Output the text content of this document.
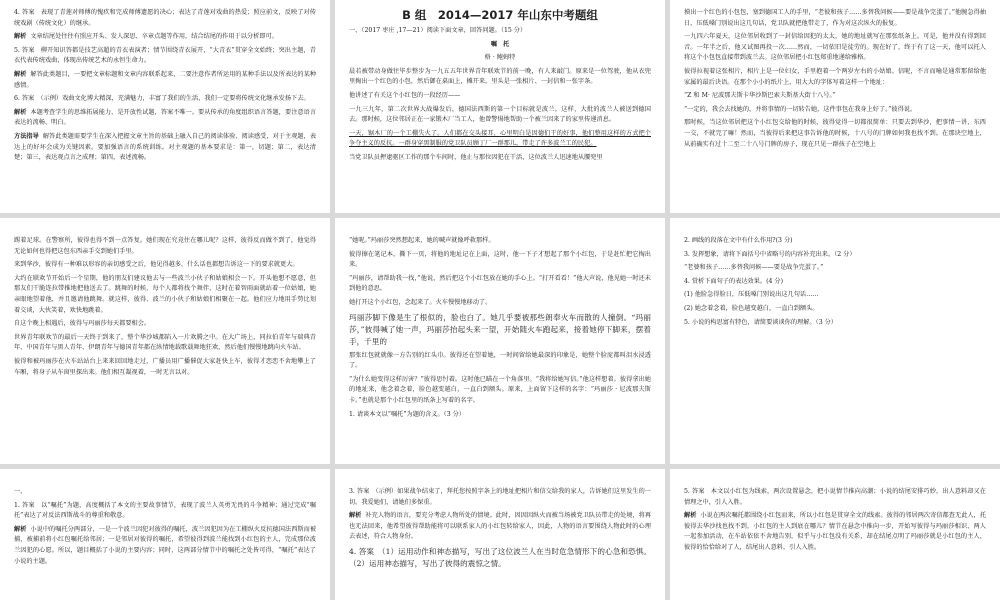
4. 答案　表现了青莲对师傅的愧疚和完成师傅遗愿的决心；表达了青莲对戏曲的热爱；照应前文，反映了对传统戏剧（传统文化）的继承。

解析 文章结尾处往往有照应开头、发人深思、卒章点题等作用，结合结尾的作用于以分析即可。

5. 答案　柳开知识答都是技艺高超的青衣表演者；情节围绕青衣展开，“大青衣”贯穿全文始终；突出主题，青衣代表传统戏曲，体现出传统艺术的永恒生命力。

解析 解答此类题目，一要把文章标题和文章内容联系起来，二要注意作者所运用的某种手法以及所表达的某种感情。

6. 答案　（示例）戏曲文化博大精深，充满魅力，丰富了我们的生活，我们一定要将传统文化继承发扬下去。

解析 本题考查学生的思维拓展能力，是开放性试题，答案不唯一。要从传承的角度组织语言答题，要注意语言表达的流畅、明白。

方法指导 解答此类题需要学生在深入把握文章主旨的基础上融入自己的阅读体验、阅读感受，对于主观题，表达上的好坏会成为关键因素。要加强语言的系统训练。对主观题的基本要求是：第一，切题；第二，表达清楚；第三，表达观点言之成理；第四，表述流畅。

B 组　2014—2017 年山东中考题组

一、（2017 枣庄 ,17—21）阅读下面文章，回答问题。（15 分）

嘱　托

格 · 鲍姆特

晨若被带动身做往毕步整步为一九五五年世界青年联欢节的前一晚，有人来敲门。原来是一位驾驶，他从衣兜里掏出一个红色的小包，然后御在桌面上，摊开来。里头是一张相片、一封信和一张字条。

他讲述了有关这个小红包的一段经历——

一九三九年，第二次世界大战爆发后，德国法西斯的第一个目标就是波兰。这样，大批的波兰人被送到德国去。那时候，这位邻居正在一家锻木厂当工人，他曾警惕地帮助一个被兰因来了的家里传递消息。

一天，锯木厂的一个工棚失火了。人们都在交头接耳，心里明白是因德们干的好事，他们整用这样的方式把个争夺主义的反抗。一群身穿黑制服的党卫队员顾丁厂一群那儿，带走了许多波兰工的民犯。

当党卫队员押逮驱区工作的那个车间时，他止与那位因犯在干活，这位波兰人迅速地从腰兜里

摸出一个红色的小包包，塞到德国工人的手里，“老彼和孩子……多替我问候——要是战争完蛋了。”他腕急得抽日，压低嗓门别说出这几句话，党卫队就把他带走了，作为对这次纵火的报复。

一九四六年夏天，这位邻居收到了一封信给因犯的太太，她的地址就写在那张纸条上。可是，他并没有得到回音。一年半之后，他又试图再投一次……然而，一切依旧是徒劳的。现在好了，终于有了这一天，他可以托人将这个小包包直接带到波兰去。这位邻居把小红包郑重地递给雅格。

彼得拉视着这张相片，相片上是一位妇女，手里抱着一个两岁左右的小姑娘。信呢，不言而喻是通常那留给他家属的最后诀语。在那个小小的纸片上，用大大的字体写着这样一个地址：

“Z 和 M· 尼波那夫斯卡华沙斯巴索夫斯基大街十八号。”

“一定的，我会去找她的，并将事情的一切转告她，这件事包在我身上好了。”彼得说。

那时候，当这位邻居把这个小红包交给他的时候，彼得觉得一切都很简单：只要去到华沙，把事情一讲，东西一交，不就完了嘛！然而，当彼得后来把这事告诉他的时候，十八号的门牌如何我也找不到。在那块空地上，从前确实有过十二至二十八号门牌的房子，现在只见一群孩子在空地上

踢着足球。在警察所，彼得也得不到一点答复。她们现在究竟住在哪儿呢？这样，彼得反而做不到了，他觉得无论如何也得把这包东西亲手交到她们手里。

来到华沙，彼得有一种难以形容的亲切感受之后，他见得越多，什么话也都想告诉这一下的要求就更大。

大约在联欢节开始后一个星期，他的朋友们建议他去与一些波兰小伙子和姑娘相会一下。开头他想不愿意，但那友们干脆连拉带推地把他送去了。跳舞的时候，每个人都将找个舞伴，这时在着智雨面就站着一位姑娘，她亲眼地望着他，并且邀请他跳舞。就这样，彼得、波兰的小伙子和姑娘们相聚在一起。他们应力地用手势比划着交谈，大伙笑着，欢快地跳着。

自这个晚上相遇后，彼得与玛丽莎每天都要相会。

世界青年联欢节的最后一天终于到来了，整个华沙城都陷入一片欢腾之中。在大广场上，同拉伯青年与瑞典青年、中国青年与黑人青年、伊朗青年与德国青年都在纵情地载歌载舞地狂欢，然后他们慢慢地跳向火车站。

彼得和被玛丽莎在火车站站台上来来回回地走过，广播员用广播催促大家赶快上车，彼得才恋恋不舍地攀上了车厢，将身子从车窗里探出来。他们相互凝视着，一时无言以对。

“她呢。”玛丽莎突然想起来，她的喊声就像呼救那样。

彼得擦在笔记本，撕下一页，将他的地址记在上面，这时，他一下子才想起了那个小红包，于是赶忙把它掏出来。

“玛丽莎，请帮助我一找，”他说，然后把这个小红包放在她的手心上。“打开看看！”他大声说，他见她一时还未到他的意思。

她打开这个小红包，念起来了。火车慢慢地移动了。

玛丽莎脚下像是生了根似的，脸也白了。她几乎要被那些朗奉火车而散的人撞倒。“玛丽莎，”彼得喊了她一声，玛丽莎抬起头来一望，开始随火车跑起来，接着她停下脚来，摆着手，千里的

那张红包就就像一方告别的红头巾。彼得还在望着她，一时间留给她最深的印象是，她整个脸庞都叫泪水浸透了。

“为什么她变得这样厉害？”彼得思忖着。这时他已瞄在一个角落里。“我将给她写信。”他这样想着。彼得拿出她的地址来，他念着念着，脸色越变越白，一直白到额头。原来，上面留下这样的名字：“玛丽莎 · 尼波那夫斯卡。”也就是那个小红包里的纸条上写着的名字。

1. 请谈本文以“嘱托”为题的含义。（3 分）

2. 画线的段落在文中有什么作用?(3 分)

3. 发挥想象，请将下面括号中省略号的内容补充出来。（2 分）

“老婆和孩子……多替我问候——要是战争完蛋了。”

4. 赏析下面句子的表达效果。(4 分)

(1) 他脸急得脸日，压低嗓门别说出这几句话……

(2) 她念着念着，脸色越变越白，一直白到额头。

5. 小说的构思富有特色，请简要谈谈你的理解。（3 分）

一、

1. 答案　以“嘱托”为题，高度概括了本文的主要故事情节，表现了波兰人英勇无畏的斗争精神；通过完成“嘱托”表达了对反法西斯战斗的尊重和敬意。

解析 小说中的嘱托分两部分，一是一个波兰因犯对彼得的嘱托，波兰因犯因为在工棚纵火反抗德国法西斯而被捕，被捕前将小红包嘱托给邻居；一是邻居对彼得的嘱托，希望彼得到波兰能找到小红包的主人，完成那位波兰因犯的心愿。所以，题目概括了小说的主要内容；同时，这两部分情节中的嘱托之处皆可得，“嘱托”表达了小说的主题。

3. 答案　（示例）如果战争结束了，拜托您按照字条上的地址把相片和信交给我的家人，告诉她们这里发生的一切。我爱她们，请她们多保重。

解析 补充人物的语言，要充分考虑人物所处的情境。此时，因因因纵火而被当场被党卫队员带走的处境，将再也无法回来，他希望彼得帮助能将可以联系家人的小红包转给家人，因此，人物的语言要围绕人物此时的心理去表述，符合人物身份。

4. 答案　（1）运用动作和神态描写，写出了这位波兰人在当时危急情形下的心急和恐惧。（2）运用神态描写，写出了彼得的震惊之情。

5. 答案　本文以小红包为线索，两次设置悬念，把小说情节推向高潮；小说的结尾安排巧妙，出人意料却又在情理之中，引人入胜。

解析 小说在两次嘱托都围绕小红包而来，所以小红包是贯穿全文的线索。彼得的邻居两次寄信都查无此人，托彼得去华沙找也找不到，小红包的主人到底在哪儿？情节在悬念中推向一步，开始写彼得与玛丽莎相识、两人一起参加活动，在车站依依不舍地告别，似乎与小红包没有关系，却在结尾点明了玛丽莎就是小红包的主人，彼得的恰恰给对了人，结尾出人意料，引人入胜。
